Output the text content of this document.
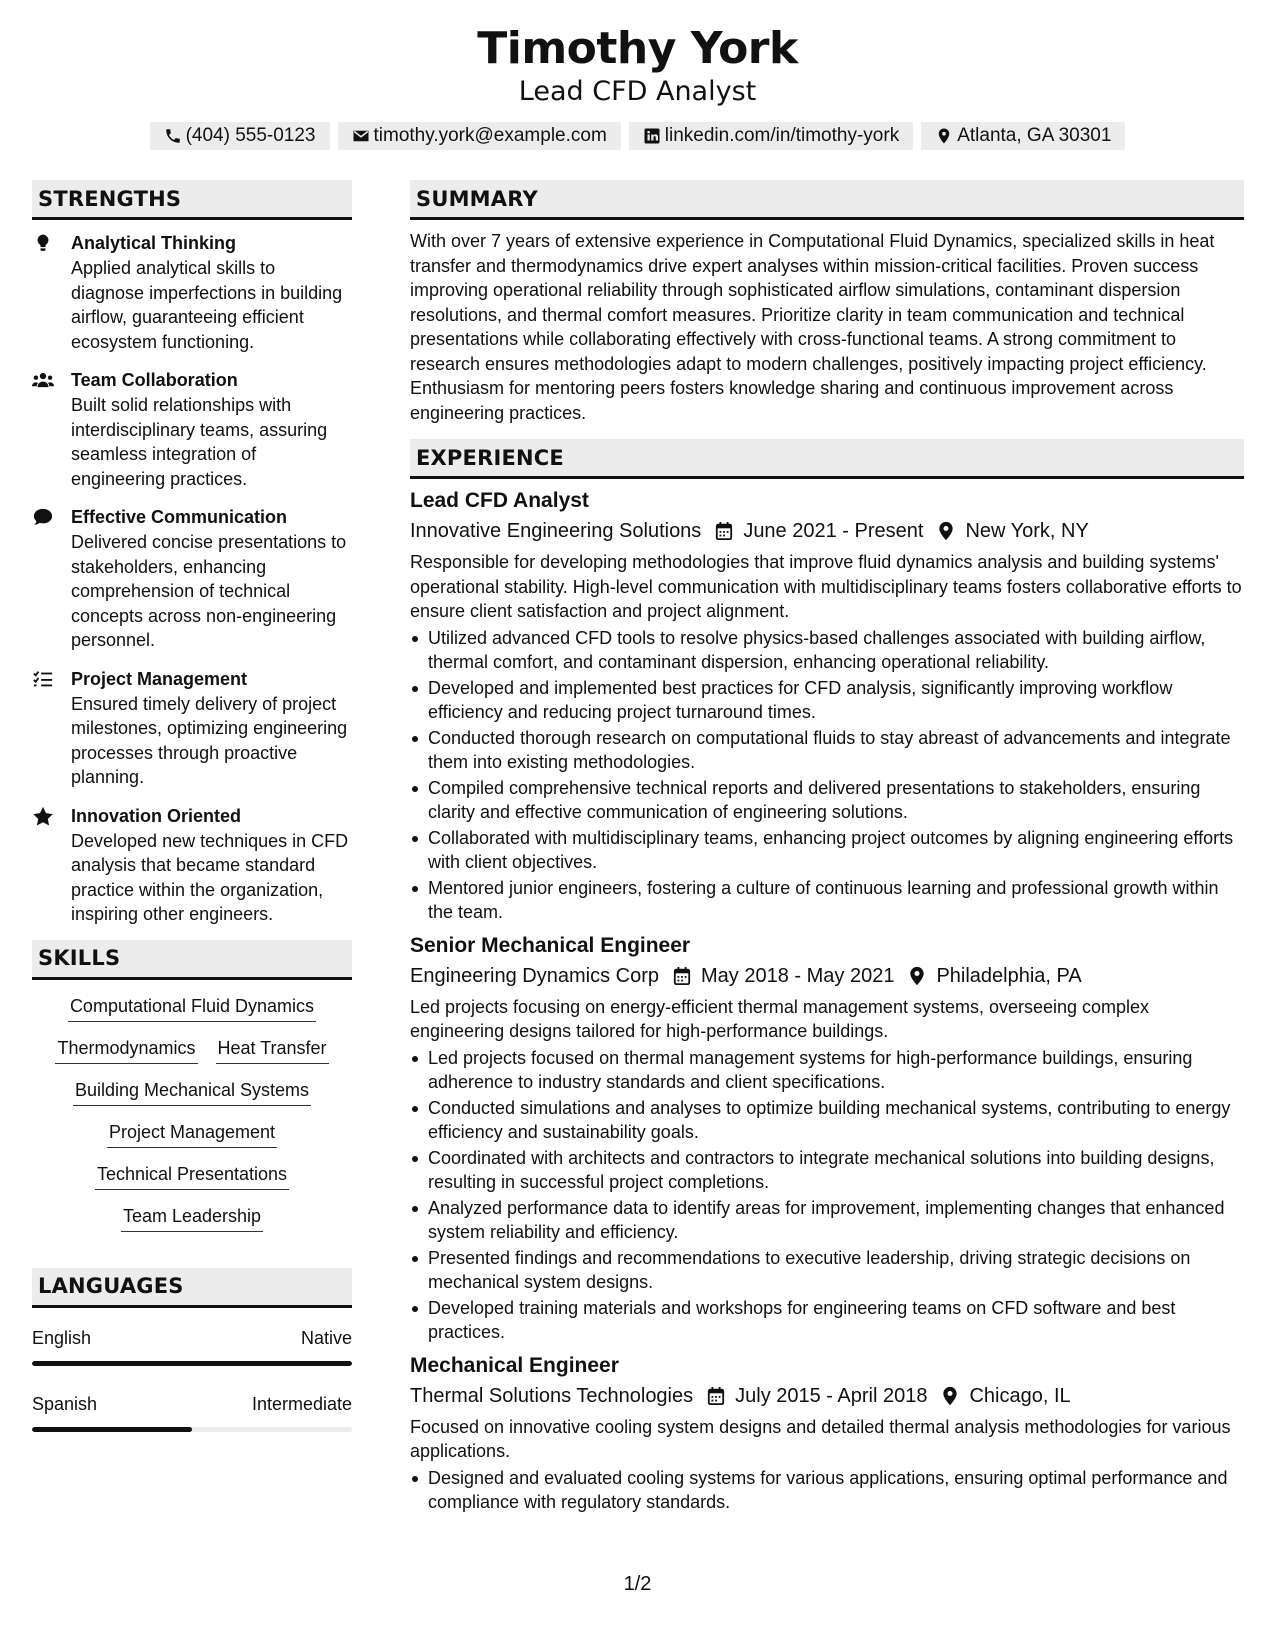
Timothy York
Lead CFD Analyst
(404) 555-0123	timothy.york@example.com	linkedin.com/in/timothy-york	Atlanta, GA 30301
STRENGTHS
Analytical Thinking
Applied analytical skills to diagnose imperfections in building airflow, guaranteeing efficient ecosystem functioning.
Team Collaboration
Built solid relationships with interdisciplinary teams, assuring seamless integration of engineering practices.
Effective Communication
Delivered concise presentations to stakeholders, enhancing comprehension of technical concepts across non-engineering personnel.
Project Management
Ensured timely delivery of project milestones, optimizing engineering processes through proactive planning.
Innovation Oriented
Developed new techniques in CFD analysis that became standard practice within the organization, inspiring other engineers.
SKILLS
Computational Fluid Dynamics
Thermodynamics Heat Transfer
Building Mechanical Systems
Project Management
Technical Presentations
Team Leadership
LANGUAGES
English	Native
Spanish	Intermediate
SUMMARY
With over 7 years of extensive experience in Computational Fluid Dynamics, specialized skills in heat transfer and thermodynamics drive expert analyses within mission-critical facilities. Proven success improving operational reliability through sophisticated airflow simulations, contaminant dispersion resolutions, and thermal comfort measures. Prioritize clarity in team communication and technical presentations while collaborating effectively with cross-functional teams. A strong commitment to research ensures methodologies adapt to modern challenges, positively impacting project efficiency. Enthusiasm for mentoring peers fosters knowledge sharing and continuous improvement across engineering practices.
EXPERIENCE
Lead CFD Analyst
Innovative Engineering Solutions June 2021 - Present New York, NY
Responsible for developing methodologies that improve fluid dynamics analysis and building systems' operational stability. High-level communication with multidisciplinary teams fosters collaborative efforts to ensure client satisfaction and project alignment.
Utilized advanced CFD tools to resolve physics-based challenges associated with building airflow, thermal comfort, and contaminant dispersion, enhancing operational reliability.
Developed and implemented best practices for CFD analysis, significantly improving workflow efficiency and reducing project turnaround times.
Conducted thorough research on computational fluids to stay abreast of advancements and integrate them into existing methodologies.
Compiled comprehensive technical reports and delivered presentations to stakeholders, ensuring clarity and effective communication of engineering solutions.
Collaborated with multidisciplinary teams, enhancing project outcomes by aligning engineering efforts with client objectives.
Mentored junior engineers, fostering a culture of continuous learning and professional growth within the team.
Senior Mechanical Engineer
Engineering Dynamics Corp May 2018 - May 2021 Philadelphia, PA
Led projects focusing on energy-efficient thermal management systems, overseeing complex engineering designs tailored for high-performance buildings.
Led projects focused on thermal management systems for high-performance buildings, ensuring adherence to industry standards and client specifications.
Conducted simulations and analyses to optimize building mechanical systems, contributing to energy efficiency and sustainability goals.
Coordinated with architects and contractors to integrate mechanical solutions into building designs, resulting in successful project completions.
Analyzed performance data to identify areas for improvement, implementing changes that enhanced system reliability and efficiency.
Presented findings and recommendations to executive leadership, driving strategic decisions on mechanical system designs.
Developed training materials and workshops for engineering teams on CFD software and best practices.
Mechanical Engineer
Thermal Solutions Technologies July 2015 - April 2018 Chicago, IL
Focused on innovative cooling system designs and detailed thermal analysis methodologies for various applications.
Designed and evaluated cooling systems for various applications, ensuring optimal performance and compliance with regulatory standards.
1/2
